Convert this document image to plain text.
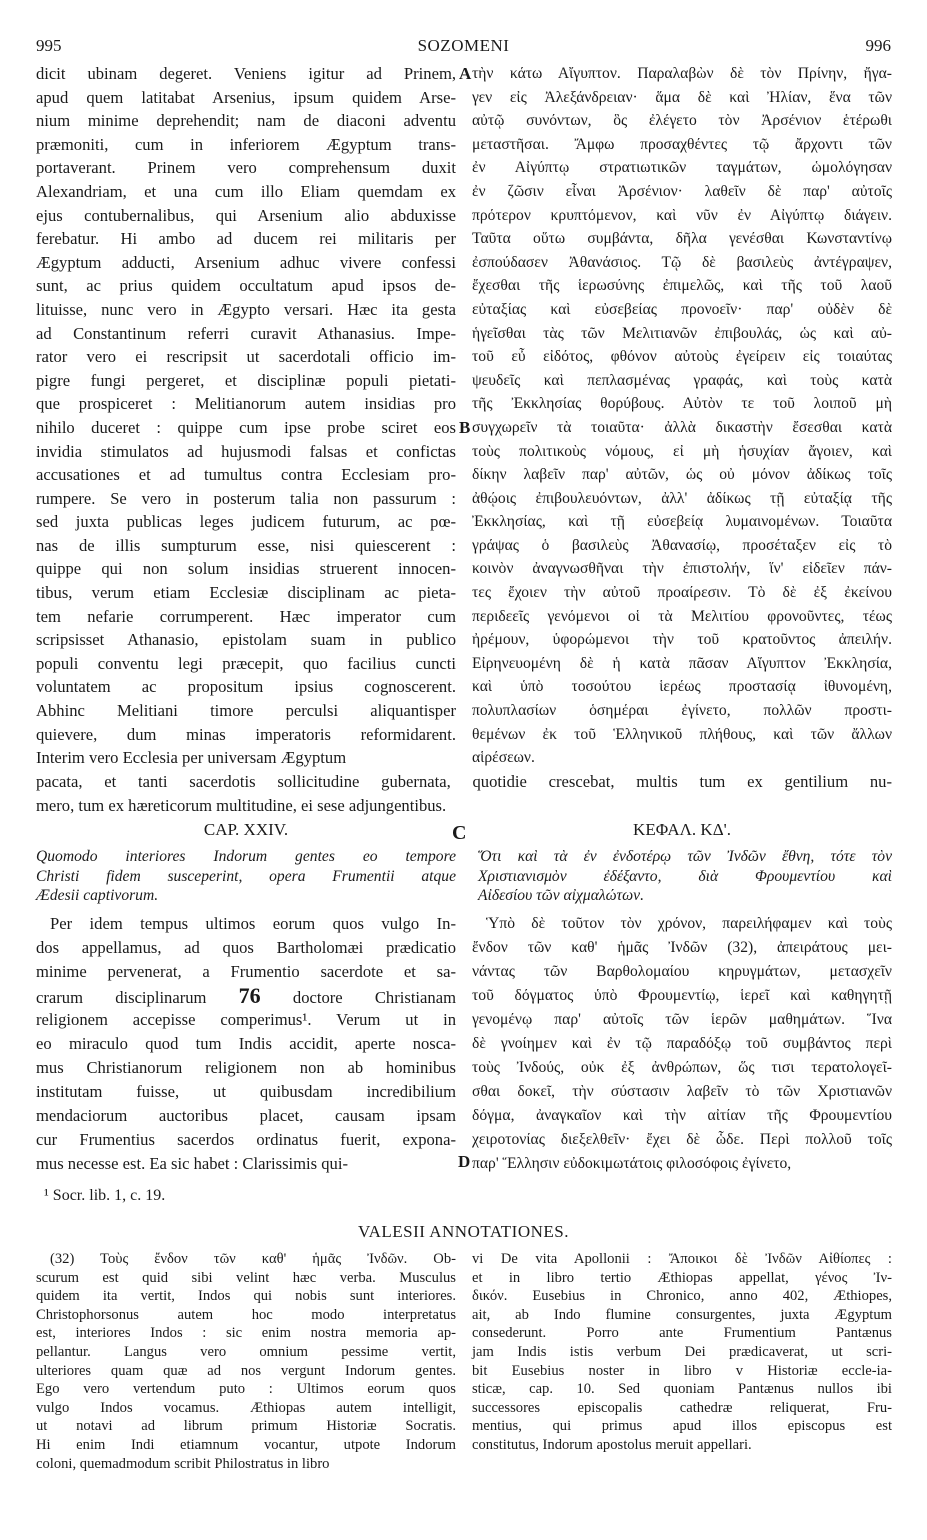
995	SOZOMENI	996
dicit ubinam degeret. Veniens igitur ad Prinem,
apud quem latitabat Arsenius, ipsum quidem Arse-
nium minime deprehendit; nam de diaconi adventu
præmoniti, cum in inferiorem Ægyptum trans-
portaverant. Prinem vero comprehensum duxit
Alexandriam, et una cum illo Eliam quemdam ex
ejus contubernalibus, qui Arsenium alio abduxisse
ferebatur. Hi ambo ad ducem rei militaris per
Ægyptum adducti, Arsenium adhuc vivere confessi
sunt, ac prius quidem occultatum apud ipsos de-
lituisse, nunc vero in Ægypto versari. Hæc ita gesta
ad Constantinum referri curavit Athanasius. Impe-
rator vero ei rescripsit ut sacerdotali officio im-
pigre fungi pergeret, et disciplinæ populi pietati-
que prospiceret : Melitianorum autem insidias pro
nihilo duceret : quippe cum ipse probe sciret eos
invidia stimulatos ad hujusmodi falsas et confictas
accusationes et ad tumultus contra Ecclesiam pro-
rumpere. Se vero in posterum talia non passurum :
sed juxta publicas leges judicem futurum, ac pœ-
nas de illis sumpturum esse, nisi quiescerent :
quippe qui non solum insidias struerent innocen-
tibus, verum etiam Ecclesiæ disciplinam ac pieta-
tem nefarie corrumperent. Hæc imperator cum
scripsisset Athanasio, epistolam suam in publico
populi conventu legi præcepit, quo facilius cuncti
voluntatem ac propositum ipsius cognoscerent.
Abhinc Melitiani timore perculsi aliquantisper
quievere, dum minas imperatoris reformidarent.
Interim vero Ecclesia per universam Ægyptum
τὴν κάτω Αἴγυπτον. Παραλαβὼν δὲ τὸν Πρίνην, ἤγα-
γεν εἰς Ἀλεξάνδρειαν· ἅμα δὲ καὶ Ἠλίαν, ἕνα τῶν
αὐτῷ συνόντων, ὃς ἐλέγετο τὸν Ἀρσένιον ἑτέρωθι
μεταστῆσαι. Ἄμφω προσαχθέντες τῷ ἄρχοντι τῶν
ἐν Αἰγύπτῳ στρατιωτικῶν ταγμάτων, ὡμολόγησαν
ἐν ζῶσιν εἶναι Ἀρσένιον· λαθεῖν δὲ παρ' αὐτοῖς
πρότερον κρυπτόμενον, καὶ νῦν ἐν Αἰγύπτῳ διάγειν.
Ταῦτα οὕτω συμβάντα, δῆλα γενέσθαι Κωνσταντίνῳ
ἐσπούδασεν Ἀθανάσιος. Τῷ δὲ βασιλεὺς ἀντέγραψεν,
ἔχεσθαι τῆς ἱερωσύνης ἐπιμελῶς, καὶ τῆς τοῦ λαοῦ
εὐταξίας καὶ εὐσεβείας προνοεῖν· παρ' οὐδὲν δὲ
ἡγεῖσθαι τὰς τῶν Μελιτιανῶν ἐπιβουλάς, ὡς καὶ αὐ-
τοῦ εὖ εἰδότος, φθόνον αὐτοὺς ἐγείρειν εἰς τοιαύτας
ψευδεῖς καὶ πεπλασμένας γραφάς, καὶ τοὺς κατὰ
τῆς Ἐκκλησίας θορύβους. Αὐτὸν τε τοῦ λοιποῦ μὴ
συγχωρεῖν τὰ τοιαῦτα· ἀλλὰ δικαστὴν ἔσεσθαι κατὰ
τοὺς πολιτικοὺς νόμους, εἰ μὴ ἡσυχίαν ἄγοιεν, καὶ
δίκην λαβεῖν παρ' αὐτῶν, ὡς οὐ μόνον ἀδίκως τοῖς
ἀθῴοις ἐπιβουλευόντων, ἀλλ' ἀδίκως τῇ εὐταξίᾳ τῆς
Ἐκκλησίας, καὶ τῇ εὐσεβείᾳ λυμαινομένων. Τοιαῦτα
γράψας ὁ βασιλεὺς Ἀθανασίῳ, προσέταξεν εἰς τὸ
κοινὸν ἀναγνωσθῆναι τὴν ἐπιστολήν, ἵν' εἰδεῖεν πάν-
τες ἔχοιεν τὴν αὐτοῦ προαίρεσιν. Τὸ δὲ ἐξ ἐκείνου
περιδεεῖς γενόμενοι οἱ τὰ Μελιτίου φρονοῦντες, τέως
ἠρέμουν, ὑφορώμενοι τὴν τοῦ κρατοῦντος ἀπειλήν.
Εἰρηνευομένη δὲ ἡ κατὰ πᾶσαν Αἴγυπτον Ἐκκλησία,
καὶ ὑπὸ τοσούτου ἱερέως προστασίᾳ ἰθυνομένη,
πολυπλασίων ὁσημέραι ἐγίνετο, πολλῶν προστι-
θεμένων ἐκ τοῦ Ἑλληνικοῦ πλήθους, καὶ τῶν ἄλλων
αἱρέσεων.
A
B
pacata, et tanti sacerdotis sollicitudine gubernata, quotidie crescebat, multis tum ex gentilium nu-
mero, tum ex hæreticorum multitudine, ei sese adjungentibus.
CAP. XXIV.	C	ΚΕΦΑΛ. ΚΔ'.
Quomodo interiores Indorum gentes eo tempore
Christi fidem susceperint, opera Frumentii atque
Ædesii captivorum.
Ὅτι καὶ τὰ ἐν ἐνδοτέρῳ τῶν Ἰνδῶν ἔθνη, τότε τὸν
Χριστιανισμὸν ἐδέξαντο, διὰ Φρουμεντίου καὶ
Αἰδεσίου τῶν αἰχμαλώτων.
Per idem tempus ultimos eorum quos vulgo In-
dos appellamus, ad quos Bartholomæi prædicatio
minime pervenerat, a Frumentio sacerdote et sa-
crarum disciplinarum 76 doctore Christianam
religionem accepisse comperimus¹. Verum ut in
eo miraculo quod tum Indis accidit, aperte nosca-
mus Christianorum religionem non ab hominibus
institutam fuisse, ut quibusdam incredibilium
mendaciorum auctoribus placet, causam ipsam
cur Frumentius sacerdos ordinatus fuerit, expona-
mus necesse est. Ea sic habet : Clarissimis qui-
Ὑπὸ δὲ τοῦτον τὸν χρόνον, παρειλήφαμεν καὶ τοὺς
ἔνδον τῶν καθ' ἡμᾶς Ἰνδῶν (32), ἀπειράτους μει-
νάντας τῶν Βαρθολομαίου κηρυγμάτων, μετασχεῖν
τοῦ δόγματος ὑπὸ Φρουμεντίῳ, ἱερεῖ καὶ καθηγητῇ
γενομένῳ παρ' αὐτοῖς τῶν ἱερῶν μαθημάτων. Ἵνα
δὲ γνοίημεν καὶ ἐν τῷ παραδόξῳ τοῦ συμβάντος περὶ
τοὺς Ἰνδούς, οὐκ ἐξ ἀνθρώπων, ὥς τισι τερατολογεῖ-
σθαι δοκεῖ, τὴν σύστασιν λαβεῖν τὸ τῶν Χριστιανῶν
δόγμα, ἀναγκαῖον καὶ τὴν αἰτίαν τῆς Φρουμεντίου
χειροτονίας διεξελθεῖν· ἔχει δὲ ὧδε. Περὶ πολλοῦ τοῖς
παρ' Ἕλλησιν εὐδοκιμωτάτοις φιλοσόφοις ἐγίνετο,
D
¹ Socr. lib. 1, c. 19.
VALESII ANNOTATIONES.
(32) Τοὺς ἔνδον τῶν καθ' ἡμᾶς Ἰνδῶν. Ob-
scurum est quid sibi velint hæc verba. Musculus
quidem ita vertit, Indos qui nobis sunt interiores.
Christophorsonus autem hoc modo interpretatus
est, interiores Indos : sic enim nostra memoria ap-
pellantur. Langus vero omnium pessime vertit,
ulteriores quam quæ ad nos vergunt Indorum gentes.
Ego vero vertendum puto : Ultimos eorum quos
vulgo Indos vocamus. Æthiopas autem intelligit,
ut notavi ad librum primum Historiæ Socratis.
Hi enim Indi etiamnum vocantur, utpote Indorum
coloni, quemadmodum scribit Philostratus in libro
vi De vita Apollonii : Ἄποικοι δὲ Ἰνδῶν Αἰθίοπες :
et in libro tertio Æthiopas appellat, γένος Ἰν-
δικόν. Eusebius in Chronico, anno 402, Æthiopes,
ait, ab Indo flumine consurgentes, juxta Ægyptum
consederunt. Porro ante Frumentium Pantænus
jam Indis istis verbum Dei prædicaverat, ut scri-
bit Eusebius noster in libro v Historiæ eccle-ia-
sticæ, cap. 10. Sed quoniam Pantænus nullos ibi
successores episcopalis cathedræ reliquerat, Fru-
mentius, qui primus apud illos episcopus est
constitutus, Indorum apostolus meruit appellari.
